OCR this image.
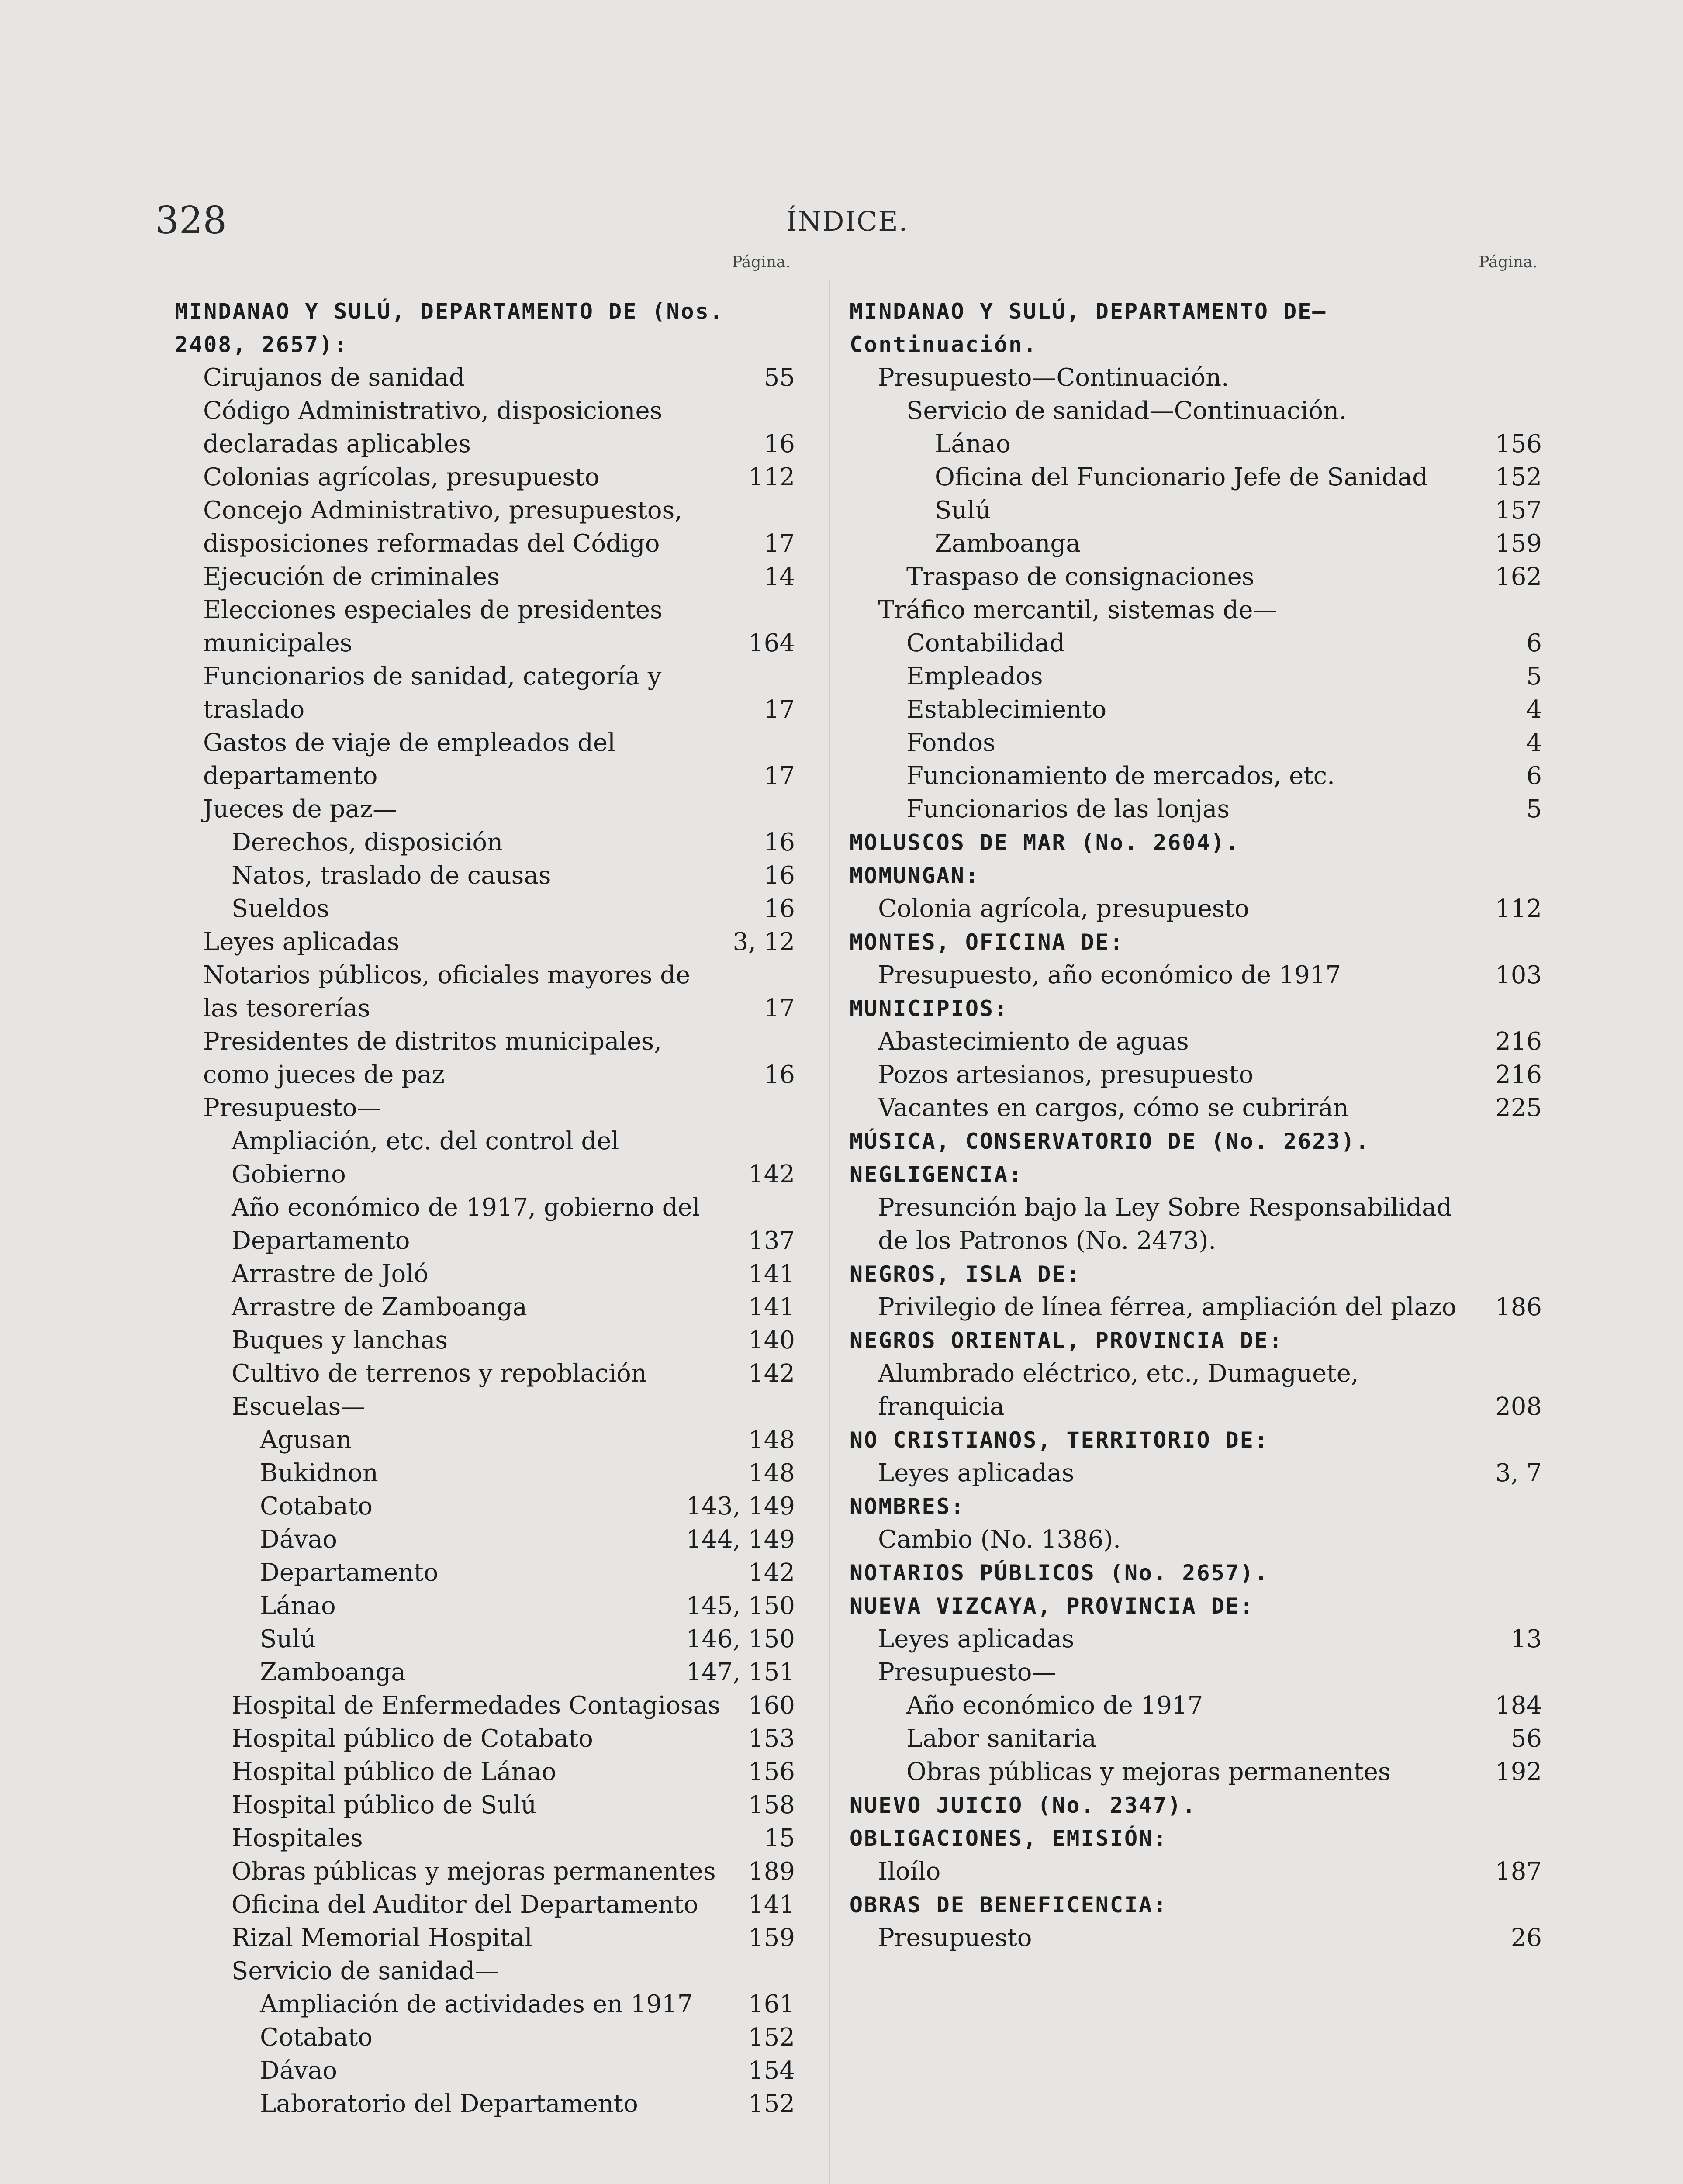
328	ÍNDICE.
Página.
MINDANAO Y SULÚ, DEPARTAMENTO DE (Nos. 2408, 2657):
Cirujanos de sanidad	55
Código Administrativo, disposiciones declaradas aplicables	16
Colonias agrícolas, presupuesto	112
Concejo Administrativo, presupuestos, disposiciones reformadas del Código	17
Ejecución de criminales	14
Elecciones especiales de presidentes municipales	164
Funcionarios de sanidad, categoría y traslado	17
Gastos de viaje de empleados del departamento	17
Jueces de paz—
Derechos, disposición	16
Natos, traslado de causas	16
Sueldos	16
Leyes aplicadas	3, 12
Notarios públicos, oficiales mayores de las tesorerías	17
Presidentes de distritos municipales, como jueces de paz	16
Presupuesto—
Ampliación, etc. del control del Gobierno	142
Año económico de 1917, gobierno del Departamento	137
Arrastre de Joló	141
Arrastre de Zamboanga	141
Buques y lanchas	140
Cultivo de terrenos y repoblación	142
Escuelas—
Agusan	148
Bukidnon	148
Cotabato	143, 149
Dávao	144, 149
Departamento	142
Lánao	145, 150
Sulú	146, 150
Zamboanga	147, 151
Hospital de Enfermedades Contagiosas 160
Hospital público de Cotabato	153
Hospital público de Lánao	156
Hospital público de Sulú	158
Hospitales	15
Obras públicas y mejoras permanentes 189
Oficina del Auditor del Departamento 141
Rizal Memorial Hospital	159
Servicio de sanidad—
Ampliación de actividades en 1917 161
Cotabato	152
Dávao	154
Laboratorio del Departamento	152
Página.
MINDANAO Y SULÚ, DEPARTAMENTO DE—Continuación.
Presupuesto—Continuación.
Servicio de sanidad—Continuación.
Lánao	156
Oficina del Funcionario Jefe de Sanidad	152
Sulú	157
Zamboanga	159
Traspaso de consignaciones	162
Tráfico mercantil, sistemas de—
Contabilidad	6
Empleados	5
Establecimiento	4
Fondos	4
Funcionamiento de mercados, etc.	6
Funcionarios de las lonjas	5
MOLUSCOS DE MAR (No. 2604).
MOMUNGAN:
Colonia agrícola, presupuesto	112
MONTES, OFICINA DE:
Presupuesto, año económico de 1917	103
MUNICIPIOS:
Abastecimiento de aguas	216
Pozos artesianos, presupuesto	216
Vacantes en cargos, cómo se cubrirán	225
MÚSICA, CONSERVATORIO DE (No. 2623).
NEGLIGENCIA:
Presunción bajo la Ley Sobre Responsabilidad de los Patronos (No. 2473).
NEGROS, ISLA DE:
Privilegio de línea férrea, ampliación del plazo 186
NEGROS ORIENTAL, PROVINCIA DE:
Alumbrado eléctrico, etc., Dumaguete, franquicia	208
NO CRISTIANOS, TERRITORIO DE:
Leyes aplicadas	3, 7
NOMBRES:
Cambio (No. 1386).
NOTARIOS PÚBLICOS (No. 2657).
NUEVA VIZCAYA, PROVINCIA DE:
Leyes aplicadas	13
Presupuesto—
Año económico de 1917	184
Labor sanitaria	56
Obras públicas y mejoras permanentes	192
NUEVO JUICIO (No. 2347).
OBLIGACIONES, EMISIÓN:
Iloílo	187
OBRAS DE BENEFICENCIA:
Presupuesto	26
